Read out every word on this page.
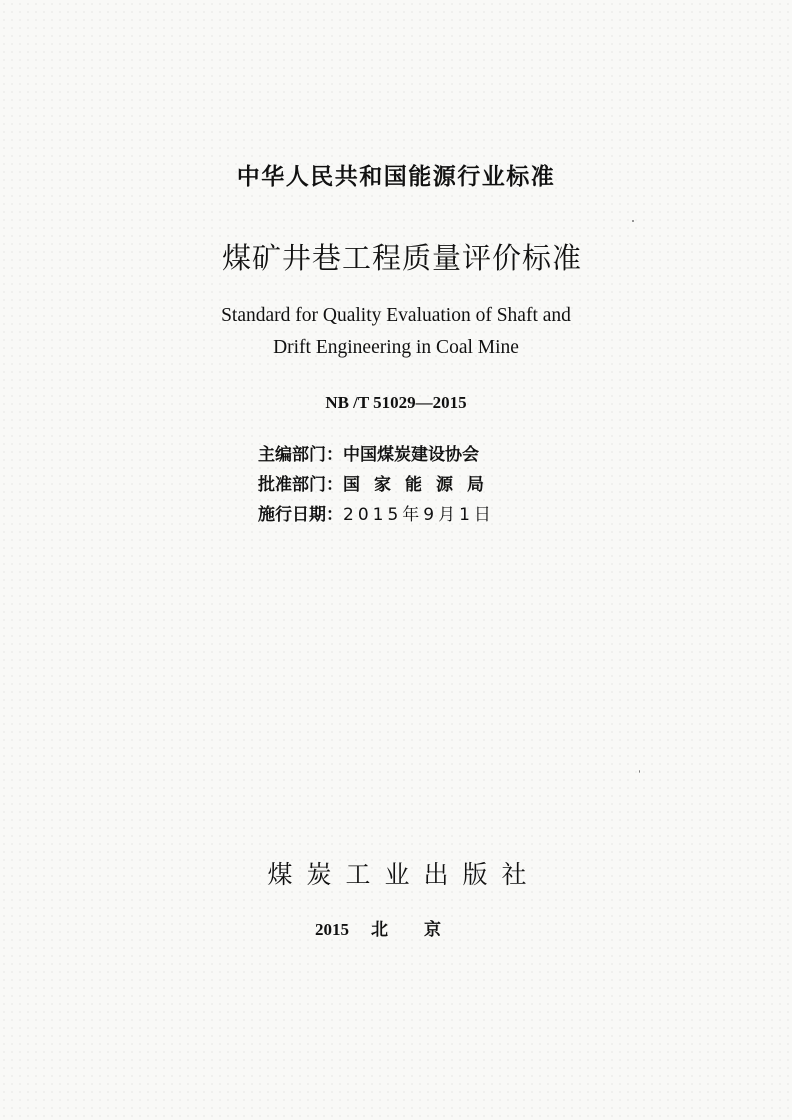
中华人民共和国能源行业标准
煤矿井巷工程质量评价标准
Standard for Quality Evaluation of Shaft and
Drift Engineering in Coal Mine
NB /T 51029—2015
主编部门：中国煤炭建设协会
批准部门：国家能源局
施行日期：2015年9月1日
煤炭工业出版社
2015 北京
